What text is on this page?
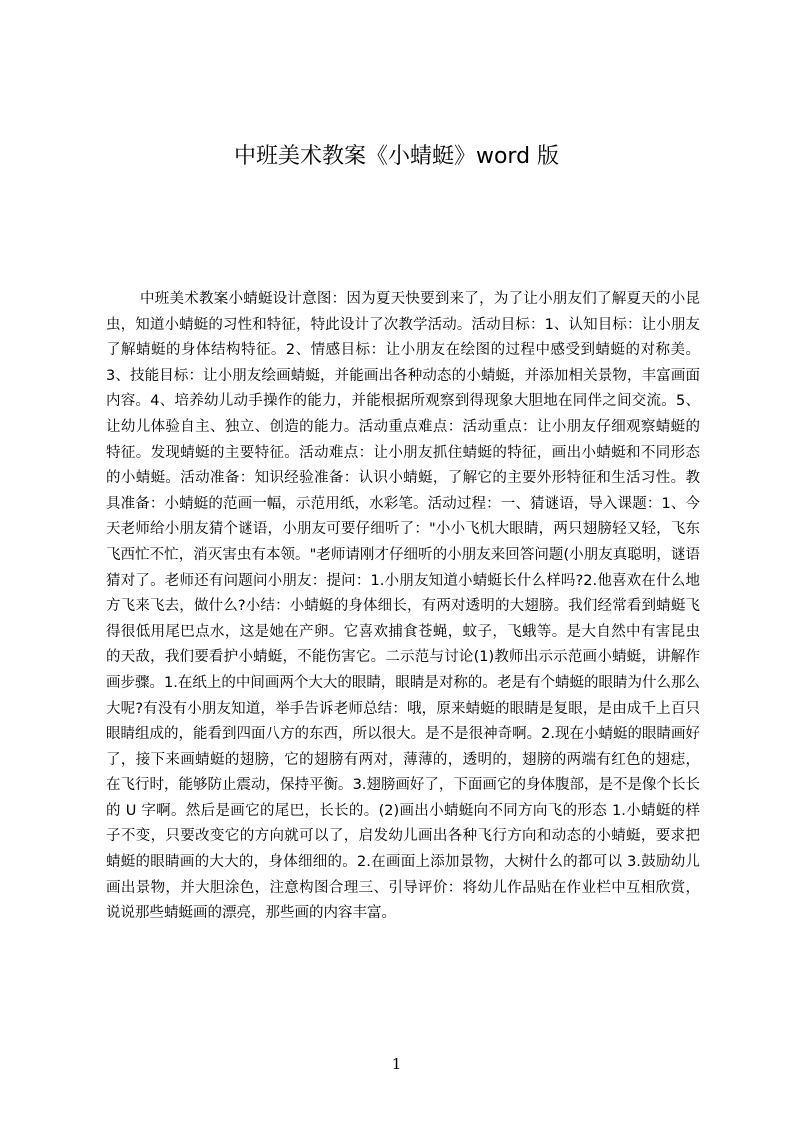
中班美术教案《小蜻蜓》word 版

中班美术教案小蜻蜓设计意图：因为夏天快要到来了，为了让小朋友们了解夏天的小昆虫，知道小蜻蜓的习性和特征，特此设计了次教学活动。活动目标：1、认知目标：让小朋友了解蜻蜓的身体结构特征。2、情感目标：让小朋友在绘图的过程中感受到蜻蜓的对称美。3、技能目标：让小朋友绘画蜻蜓，并能画出各种动态的小蜻蜓，并添加相关景物，丰富画面内容。4、培养幼儿动手操作的能力，并能根据所观察到得现象大胆地在同伴之间交流。5、让幼儿体验自主、独立、创造的能力。活动重点难点：活动重点：让小朋友仔细观察蜻蜓的特征。发现蜻蜓的主要特征。活动难点：让小朋友抓住蜻蜓的特征，画出小蜻蜓和不同形态的小蜻蜓。活动准备：知识经验准备：认识小蜻蜓，了解它的主要外形特征和生活习性。教具准备：小蜻蜓的范画一幅，示范用纸，水彩笔。活动过程：一、猜谜语，导入课题：1、今天老师给小朋友猜个谜语，小朋友可要仔细听了："小小飞机大眼睛，两只翅膀轻又轻，飞东飞西忙不忙，消灭害虫有本领。"老师请刚才仔细听的小朋友来回答问题(小朋友真聪明，谜语猜对了。老师还有问题问小朋友：提问：1.小朋友知道小蜻蜓长什么样吗?2.他喜欢在什么地方飞来飞去，做什么?小结：小蜻蜓的身体细长，有两对透明的大翅膀。我们经常看到蜻蜓飞得很低用尾巴点水，这是她在产卵。它喜欢捕食苍蝇，蚊子，飞蛾等。是大自然中有害昆虫的天敌，我们要看护小蜻蜓，不能伤害它。二示范与讨论(1)教师出示示范画小蜻蜓，讲解作画步骤。1.在纸上的中间画两个大大的眼睛，眼睛是对称的。老是有个蜻蜓的眼睛为什么那么大呢?有没有小朋友知道，举手告诉老师总结：哦，原来蜻蜓的眼睛是复眼，是由成千上百只眼睛组成的，能看到四面八方的东西，所以很大。是不是很神奇啊。2.现在小蜻蜓的眼睛画好了，接下来画蜻蜓的翅膀，它的翅膀有两对，薄薄的，透明的，翅膀的两端有红色的翅痣，在飞行时，能够防止震动，保持平衡。3.翅膀画好了，下面画它的身体腹部，是不是像个长长的 U 字啊。然后是画它的尾巴，长长的。(2)画出小蜻蜓向不同方向飞的形态 1.小蜻蜓的样子不变，只要改变它的方向就可以了，启发幼儿画出各种飞行方向和动态的小蜻蜓，要求把蜻蜓的眼睛画的大大的，身体细细的。2.在画面上添加景物，大树什么的都可以 3.鼓励幼儿画出景物，并大胆涂色，注意构图合理三、引导评价：将幼儿作品贴在作业栏中互相欣赏，说说那些蜻蜓画的漂亮，那些画的内容丰富。

1
